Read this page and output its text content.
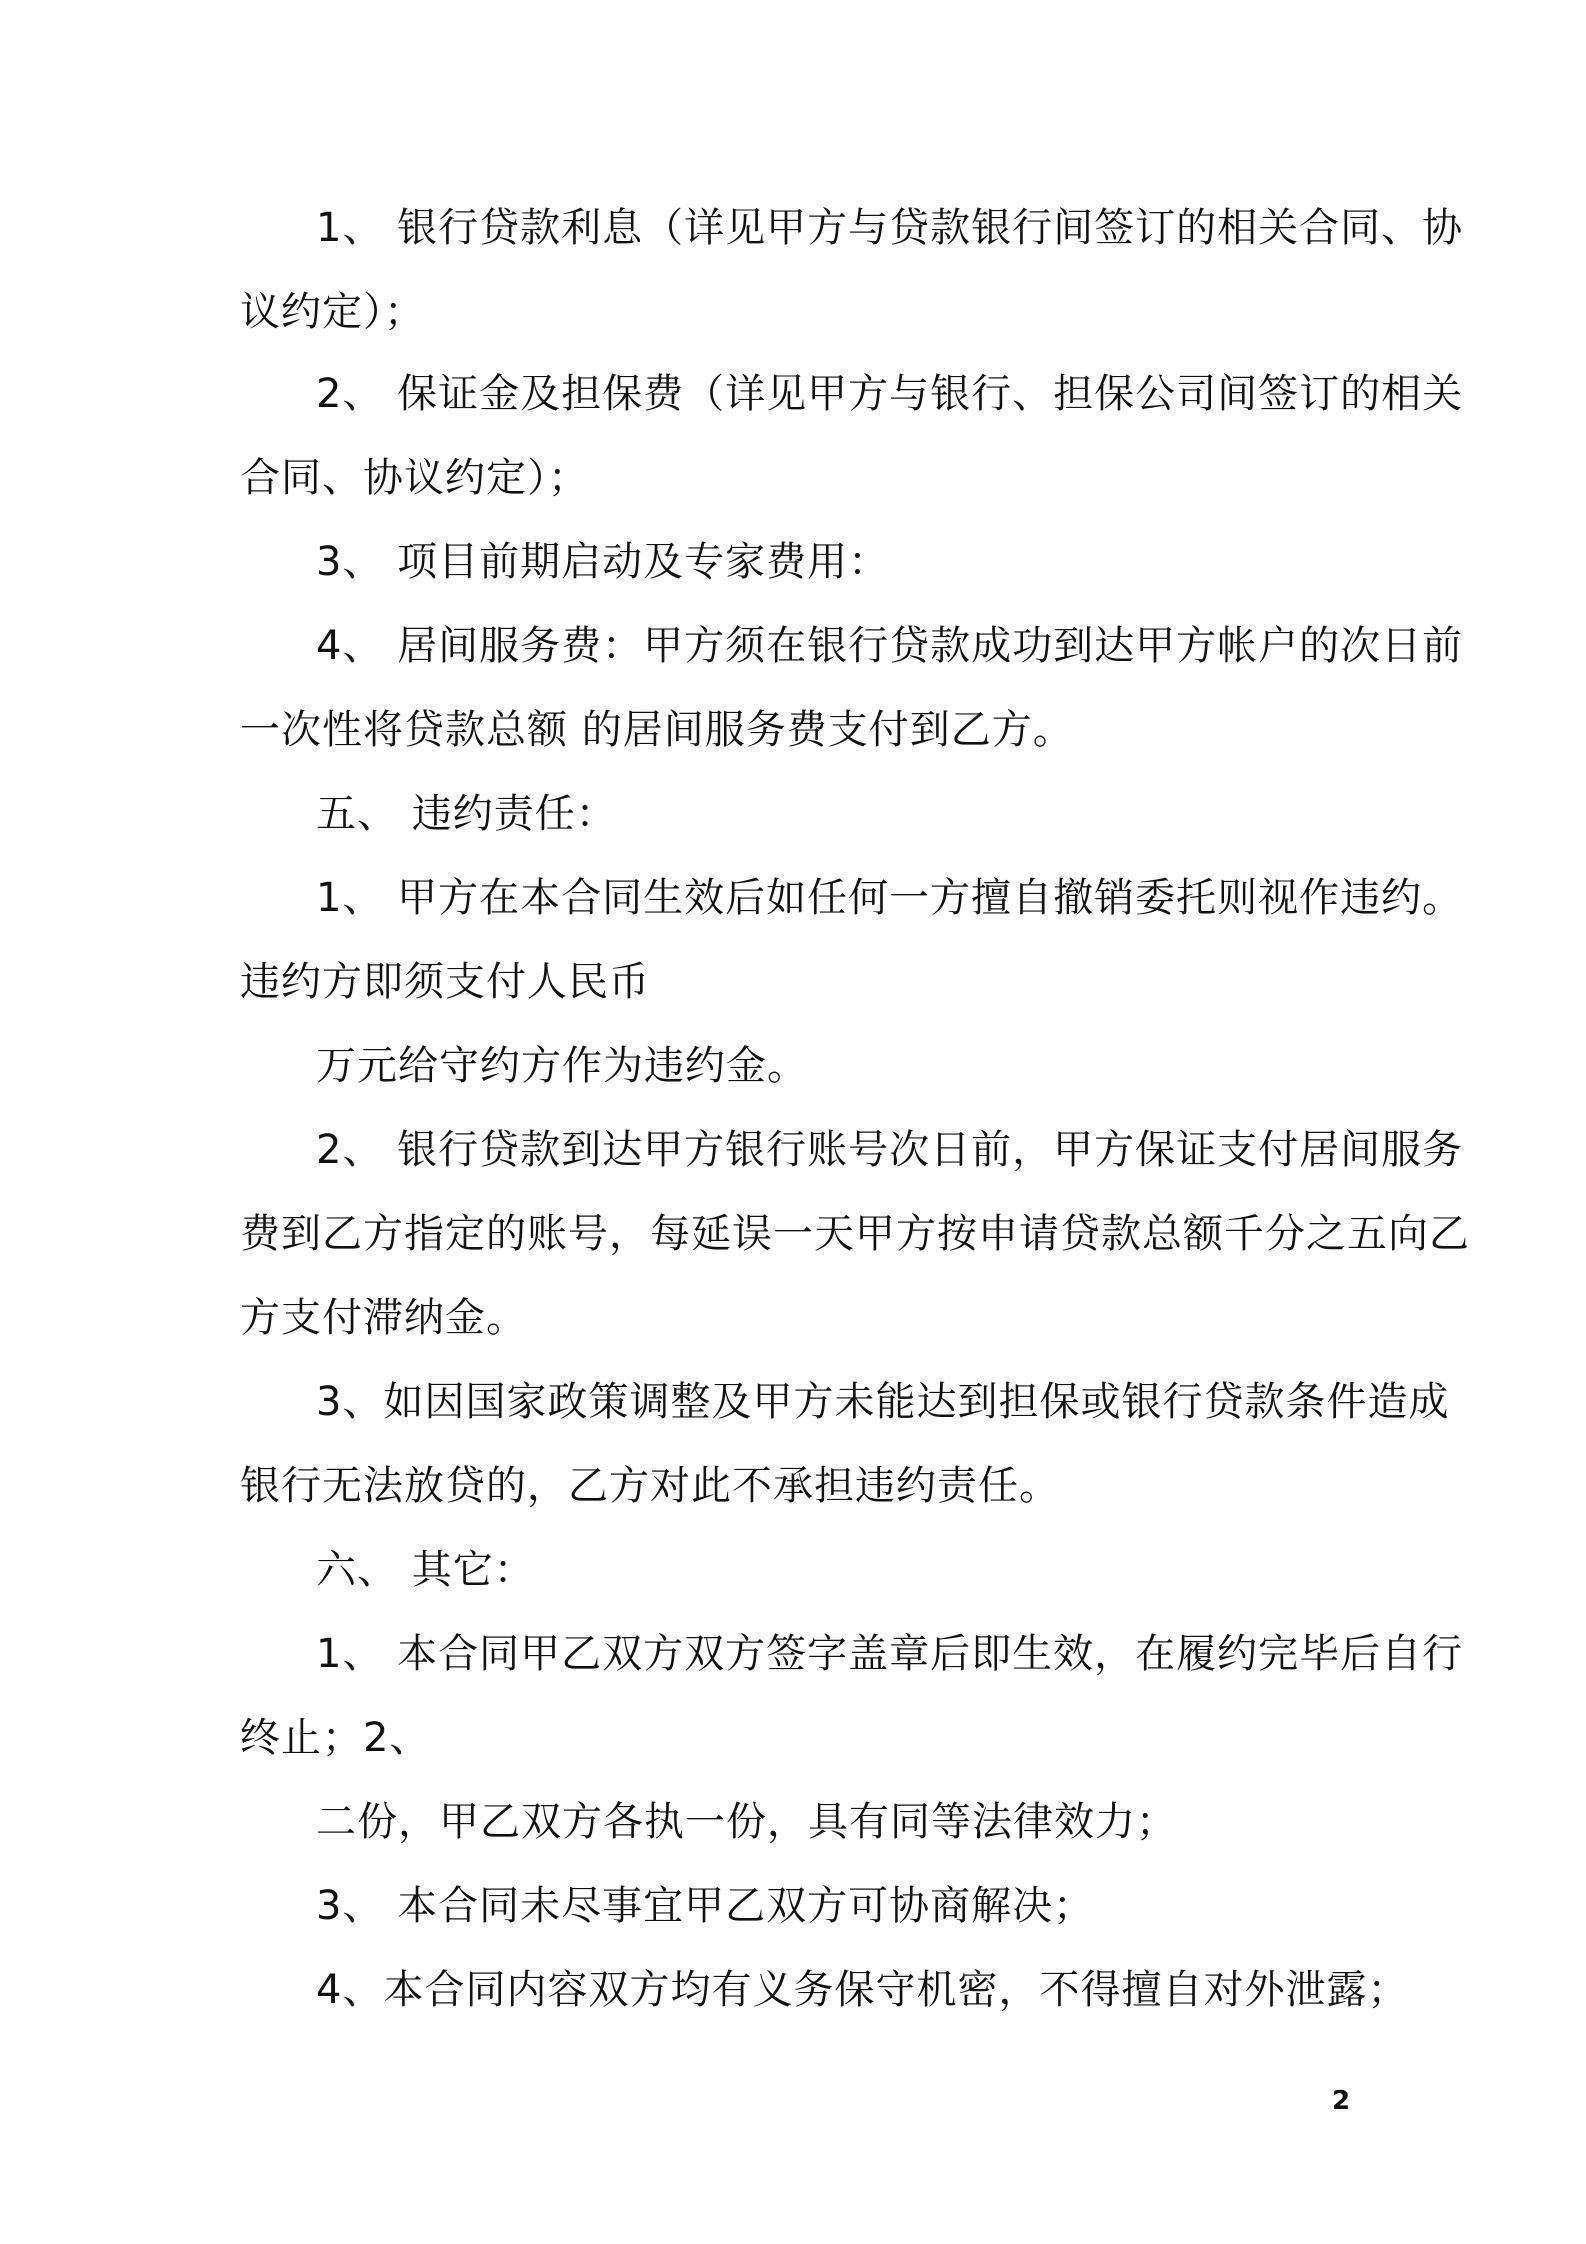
1、 银行贷款利息（详见甲方与贷款银行间签订的相关合同、协
议约定）；
2、 保证金及担保费（详见甲方与银行、担保公司间签订的相关
合同、协议约定）；
3、 项目前期启动及专家费用：
4、 居间服务费：甲方须在银行贷款成功到达甲方帐户的次日前
一次性将贷款总额 的居间服务费支付到乙方。
五、 违约责任：
1、 甲方在本合同生效后如任何一方擅自撤销委托则视作违约。
违约方即须支付人民币
万元给守约方作为违约金。
2、 银行贷款到达甲方银行账号次日前，甲方保证支付居间服务
费到乙方指定的账号，每延误一天甲方按申请贷款总额千分之五向乙
方支付滞纳金。
3、如因国家政策调整及甲方未能达到担保或银行贷款条件造成
银行无法放贷的，乙方对此不承担违约责任。
六、 其它：
1、 本合同甲乙双方双方签字盖章后即生效，在履约完毕后自行
终止；2、
二份，甲乙双方各执一份，具有同等法律效力；
3、 本合同未尽事宜甲乙双方可协商解决；
4、本合同内容双方均有义务保守机密，不得擅自对外泄露；
2
